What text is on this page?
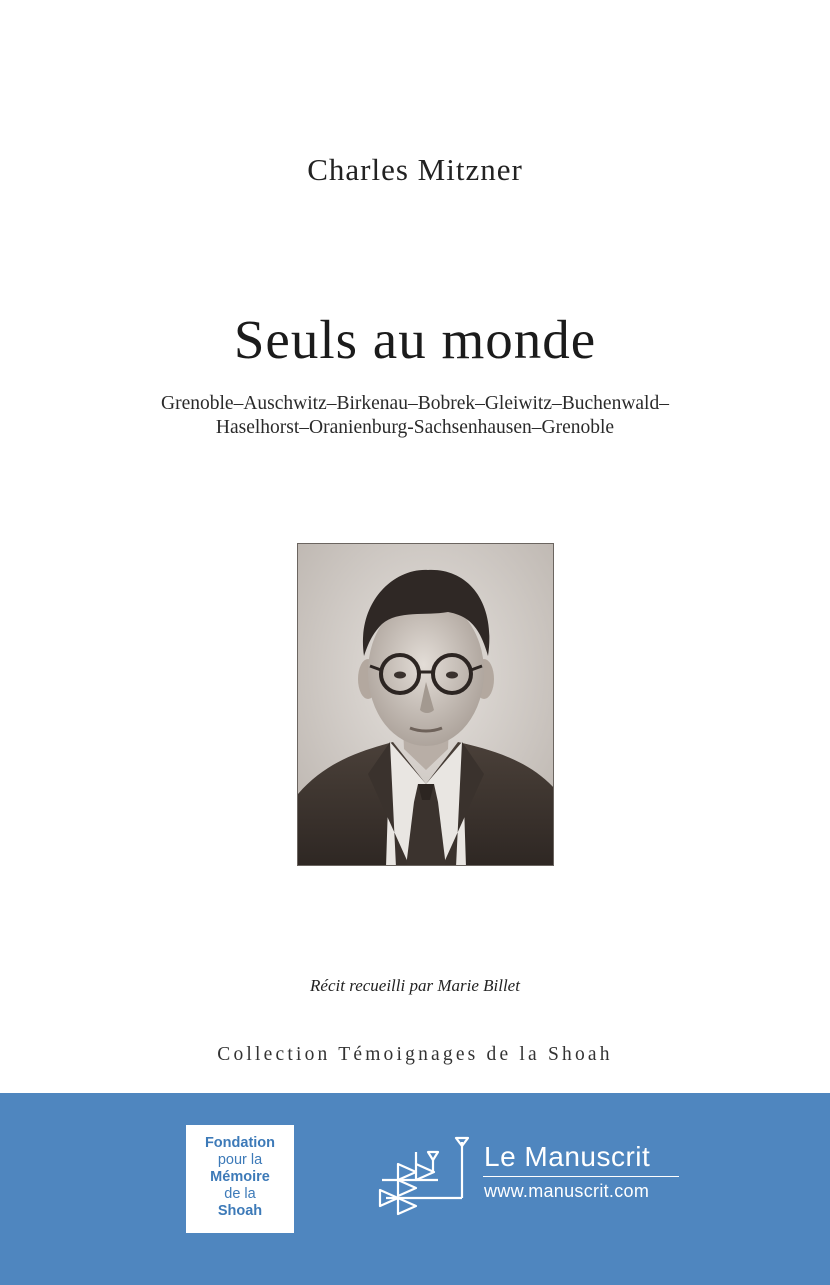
Charles Mitzner
Seuls au monde
Grenoble–Auschwitz–Birkenau–Bobrek–Gleiwitz–Buchenwald–
Haselhorst–Oranienburg-Sachsenhausen–Grenoble
Récit recueilli par Marie Billet
Collection Témoignages de la Shoah
Fondation
pour la
Mémoire
de la
Shoah
Le Manuscrit
www.manuscrit.com
